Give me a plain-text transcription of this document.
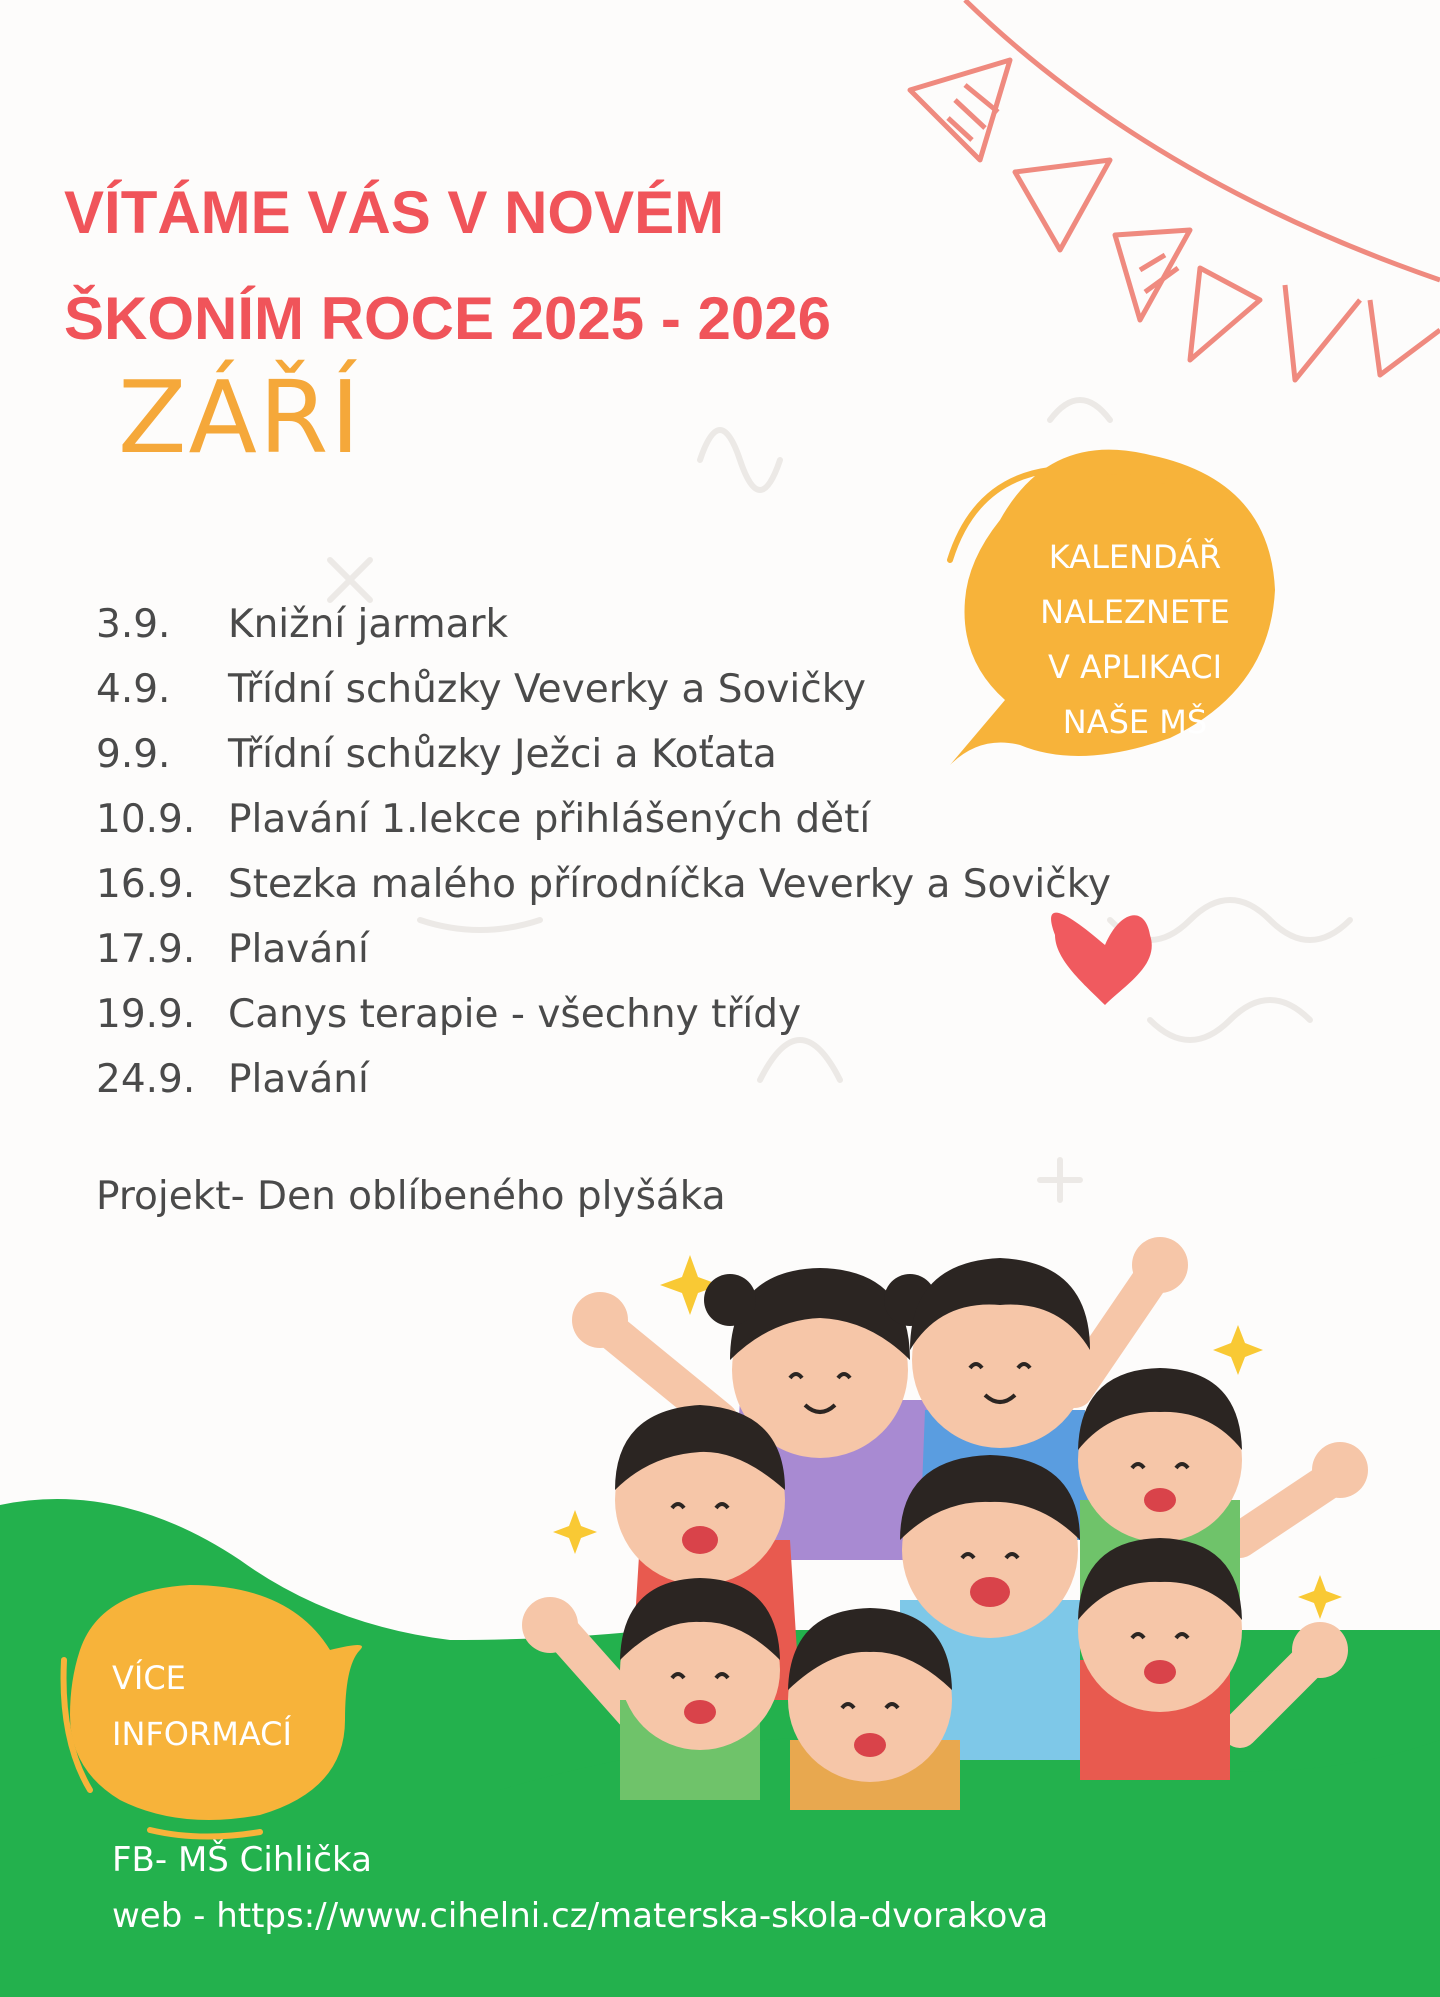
VÍTÁME VÁS V NOVÉM
ŠKONÍM ROCE 2025 - 2026
ZÁŘÍ
3.9.	Knižní jarmark
4.9.	Třídní schůzky Veverky a Sovičky
9.9.	Třídní schůzky Ježci a Koťata
10.9. Plavání 1.lekce přihlášených dětí
16.9. Stezka malého přírodníčka Veverky a Sovičky
17.9. Plavání
19.9. Canys terapie - všechny třídy
24.9. Plavání
Projekt- Den oblíbeného plyšáka
KALENDÁŘ
NALEZNETE
V APLIKACI
NAŠE MŠ
VÍCE
INFORMACÍ
FB- MŠ Cihlička
web - https://www.cihelni.cz/materska-skola-dvorakova
